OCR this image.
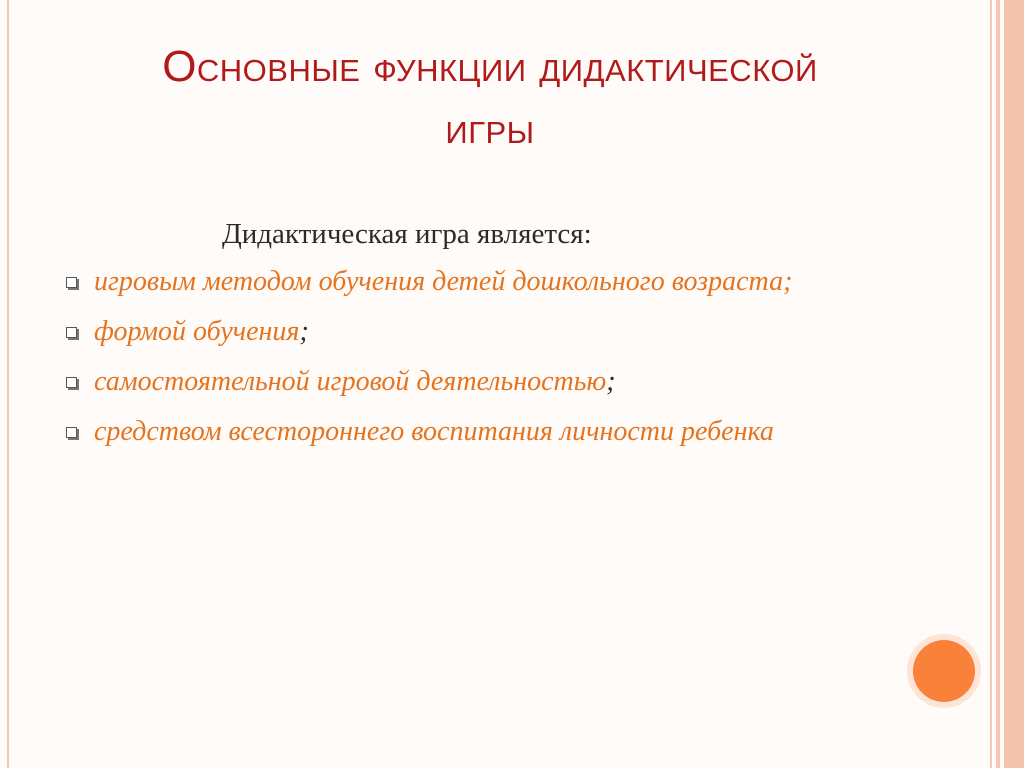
Основные функции дидактической
игры
Дидактическая игра является:
игровым методом обучения детей дошкольного возраста;
формой обучения;
самостоятельной игровой деятельностью;
средством всестороннего воспитания личности ребенка
